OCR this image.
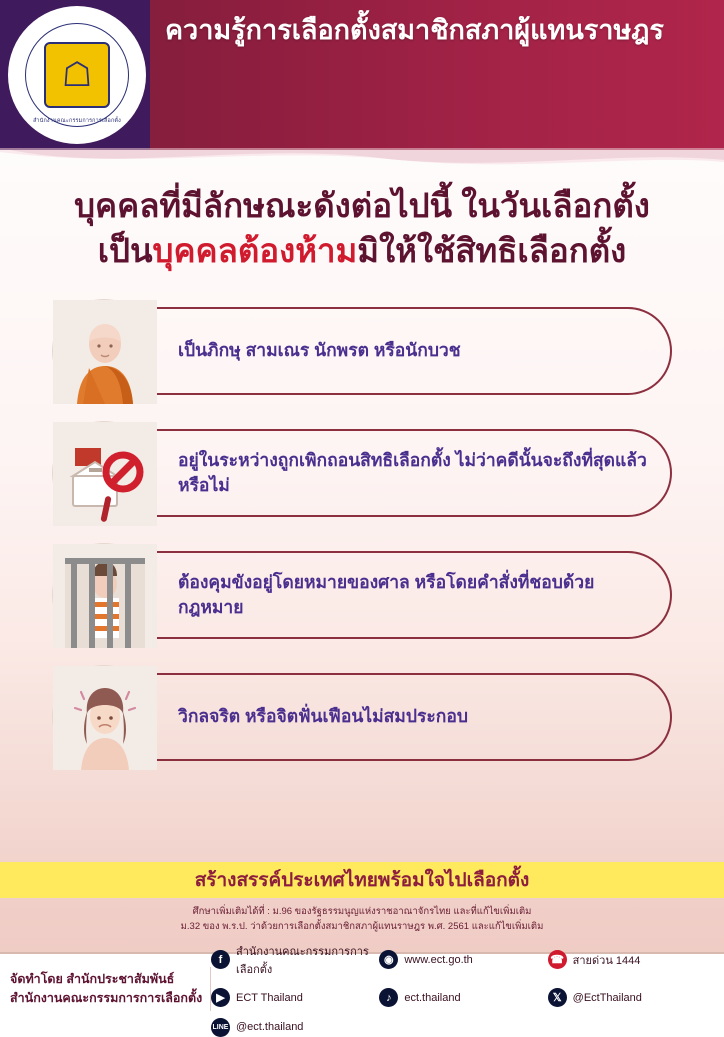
☖
สำนักงานคณะกรรมการการเลือกตั้ง
ความรู้การเลือกตั้งสมาชิกสภาผู้แทนราษฎร
บุคคลที่มีลักษณะดังต่อไปนี้ ในวันเลือกตั้ง
เป็นบุคคลต้องห้ามมิให้ใช้สิทธิเลือกตั้ง
เป็นภิกษุ สามเณร นักพรต หรือนักบวช
อยู่ในระหว่างถูกเพิกถอนสิทธิเลือกตั้ง ไม่ว่าคดีนั้นจะถึงที่สุดแล้วหรือไม่
ต้องคุมขังอยู่โดยหมายของศาล หรือโดยคำสั่งที่ชอบด้วยกฎหมาย
วิกลจริต หรือจิตฟั่นเฟือนไม่สมประกอบ
สร้างสรรค์ประเทศไทยพร้อมใจไปเลือกตั้ง
ศึกษาเพิ่มเติมได้ที่ : ม.96 ของรัฐธรรมนูญแห่งราชอาณาจักรไทย และที่แก้ไขเพิ่มเติม
ม.32 ของ พ.ร.ป. ว่าด้วยการเลือกตั้งสมาชิกสภาผู้แทนราษฎร พ.ศ. 2561 และแก้ไขเพิ่มเติม
จัดทำโดย สำนักประชาสัมพันธ์
สำนักงานคณะกรรมการการเลือกตั้ง
f
สำนักงานคณะกรรมการการเลือกตั้ง
◉ www.ect.go.th	☎ สายด่วน 1444
▶	ECT Thailand	♪	ect.thailand
LINE @ect.thailand
𝕏	@EctThailand
